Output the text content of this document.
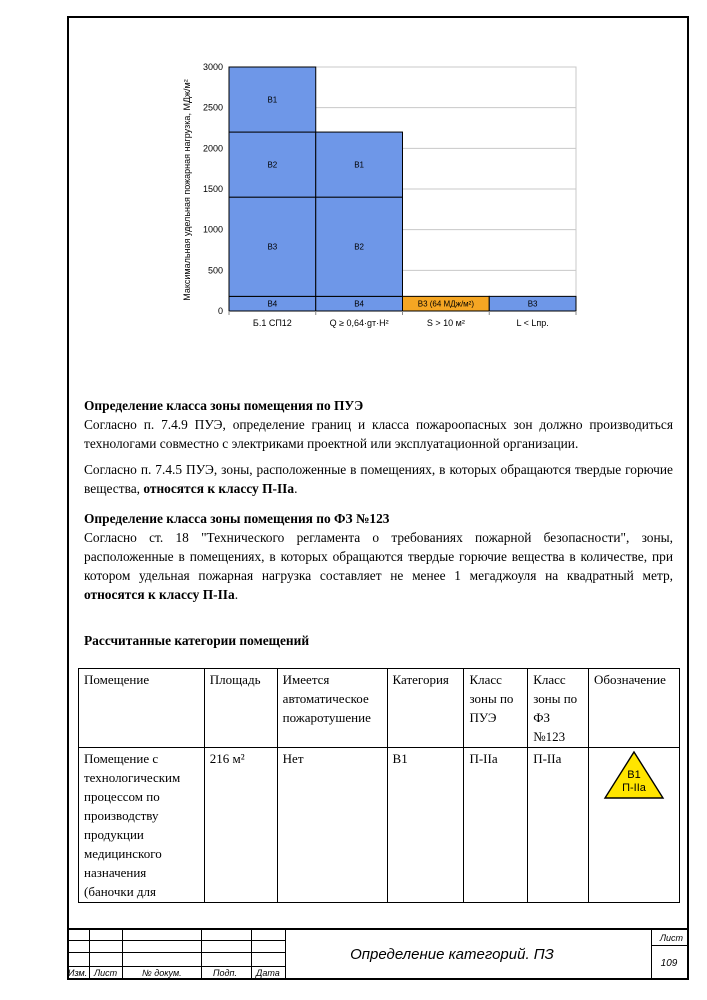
В4
В3
В2
В1
В4
В2
В1
В3 (64 МДж/м²)	В3
0
500
1000
1500
2000
2500
3000
Б.1 СП12	Q ≥ 0,64·gт·H²	S > 10 м²	L < Lпр.
Максимальная удельная пожарная нагрузка, МДж/м²
Определение класса зоны помещения по ПУЭ
Согласно п. 7.4.9 ПУЭ, определение границ и класса пожароопасных зон должно производиться технологами совместно с электриками проектной или эксплуатационной организации.
Согласно п. 7.4.5 ПУЭ, зоны, расположенные в помещениях, в которых обращаются твердые горючие вещества, относятся к классу П-IIа.
Определение класса зоны помещения по ФЗ №123
Согласно ст. 18 "Технического регламента о требованиях пожарной безопасности", зоны, расположенные в помещениях, в которых обращаются твердые горючие вещества в количестве, при котором удельная пожарная нагрузка составляет не менее 1 мегаджоуля на квадратный метр, относятся к классу П-IIа.
Рассчитанные категории помещений
Помещение	Площадь	Имеется автоматическое пожаротушение	Категория	Класс зоны по ПУЭ	Класс зоны по ФЗ №123	Обозначение
Помещение с технологическим процессом по производству продукции медицинского назначения (баночки для	216 м²	Нет	В1	П-IIа	П-IIа	В1
П-IIа
Изм. Лист	№ докум.	Подп. Дата
Определение категорий. ПЗ
Лист
109
